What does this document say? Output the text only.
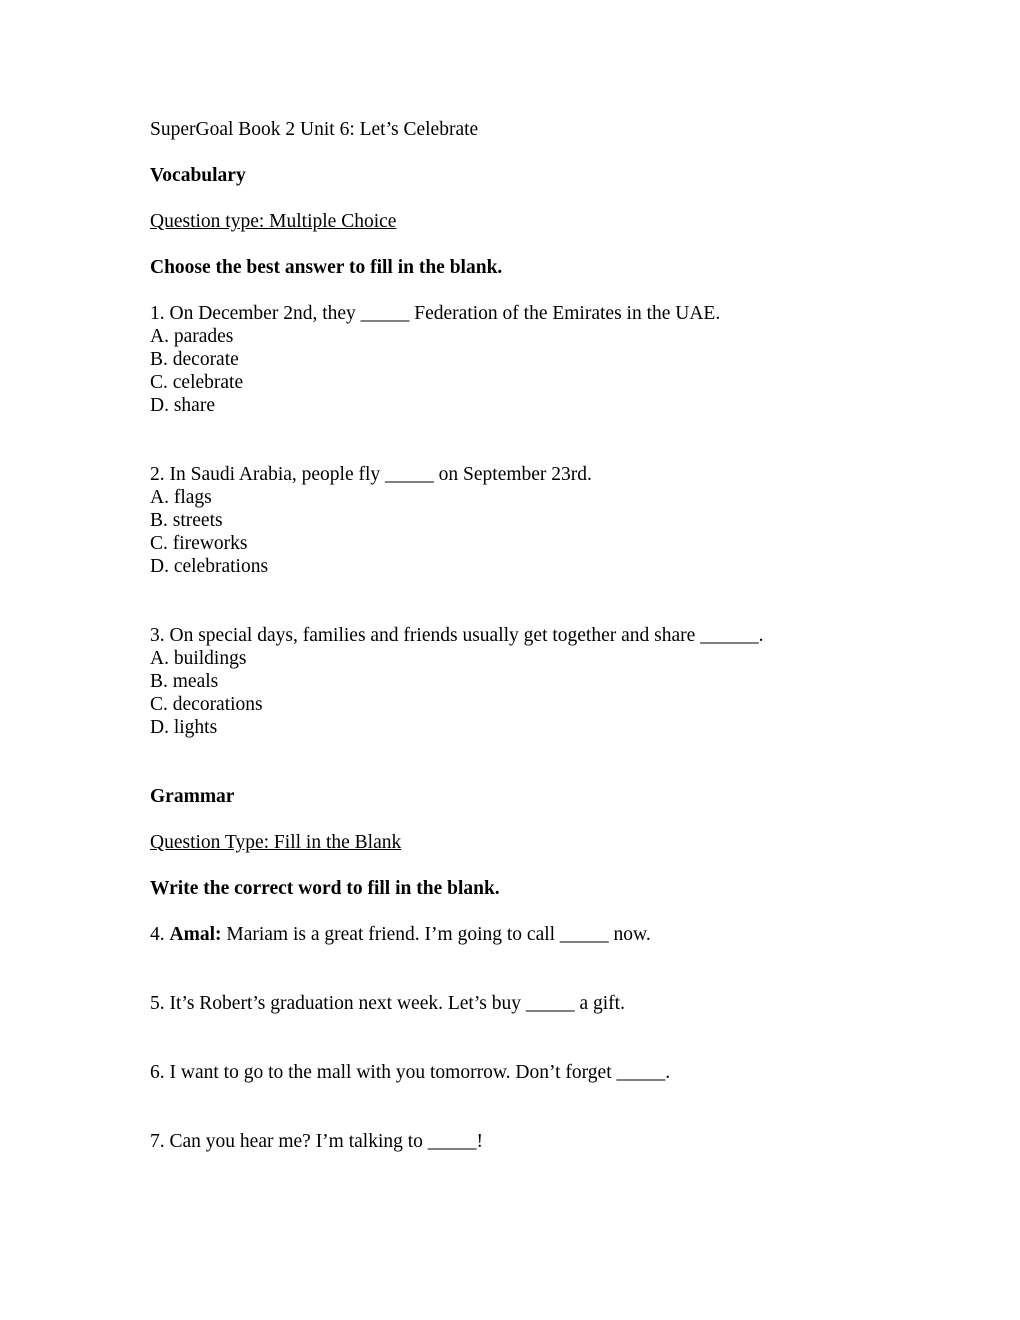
SuperGoal Book 2 Unit 6: Let’s Celebrate

Vocabulary

Question type: Multiple Choice

Choose the best answer to fill in the blank.

1. On December 2nd, they _____ Federation of the Emirates in the UAE.
A. parades
B. decorate
C. celebrate
D. share
2. In Saudi Arabia, people fly _____ on September 23rd.
A. flags
B. streets
C. fireworks
D. celebrations
3. On special days, families and friends usually get together and share ______.
A. buildings
B. meals
C. decorations
D. lights

Grammar

Question Type: Fill in the Blank

Write the correct word to fill in the blank.

4. Amal: Mariam is a great friend. I’m going to call _____ now.
5. It’s Robert’s graduation next week. Let’s buy _____ a gift.
6. I want to go to the mall with you tomorrow. Don’t forget _____.
7. Can you hear me? I’m talking to _____!
